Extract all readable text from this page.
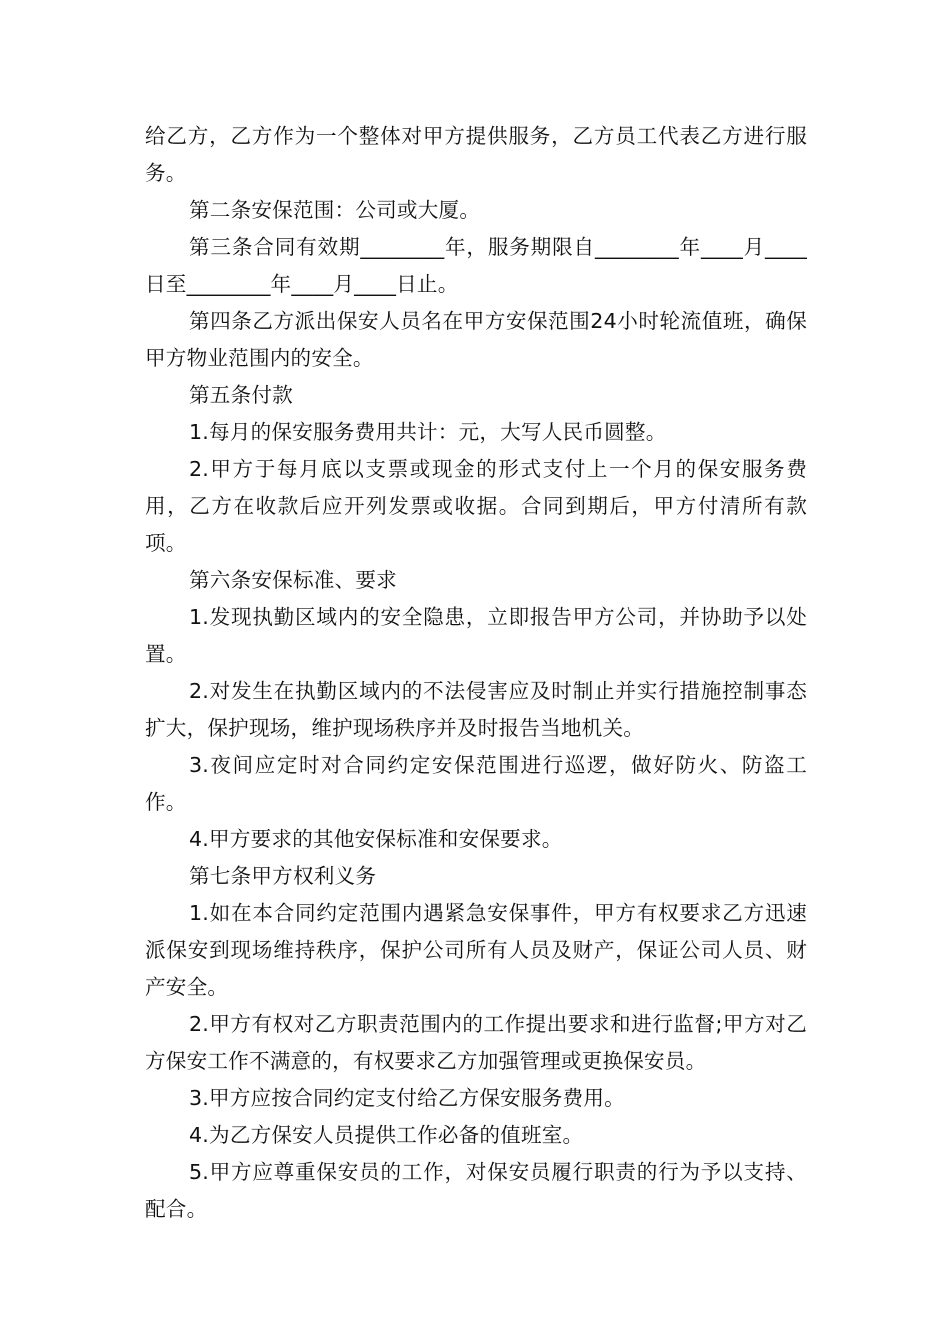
给乙方，乙方作为一个整体对甲方提供服务，乙方员工代表乙方进行服务。

第二条安保范围：公司或大厦。

第三条合同有效期________年，服务期限自________年____月____日至________年____月____日止。

第四条乙方派出保安人员名在甲方安保范围24小时轮流值班，确保甲方物业范围内的安全。

第五条付款

1.每月的保安服务费用共计：元，大写人民币圆整。

2.甲方于每月底以支票或现金的形式支付上一个月的保安服务费用，乙方在收款后应开列发票或收据。合同到期后，甲方付清所有款项。

第六条安保标准、要求

1.发现执勤区域内的安全隐患，立即报告甲方公司，并协助予以处置。

2.对发生在执勤区域内的不法侵害应及时制止并实行措施控制事态扩大，保护现场，维护现场秩序并及时报告当地机关。

3.夜间应定时对合同约定安保范围进行巡逻，做好防火、防盗工作。

4.甲方要求的其他安保标准和安保要求。

第七条甲方权利义务

1.如在本合同约定范围内遇紧急安保事件，甲方有权要求乙方迅速派保安到现场维持秩序，保护公司所有人员及财产，保证公司人员、财产安全。

2.甲方有权对乙方职责范围内的工作提出要求和进行监督;甲方对乙方保安工作不满意的，有权要求乙方加强管理或更换保安员。

3.甲方应按合同约定支付给乙方保安服务费用。

4.为乙方保安人员提供工作必备的值班室。

5.甲方应尊重保安员的工作，对保安员履行职责的行为予以支持、配合。
